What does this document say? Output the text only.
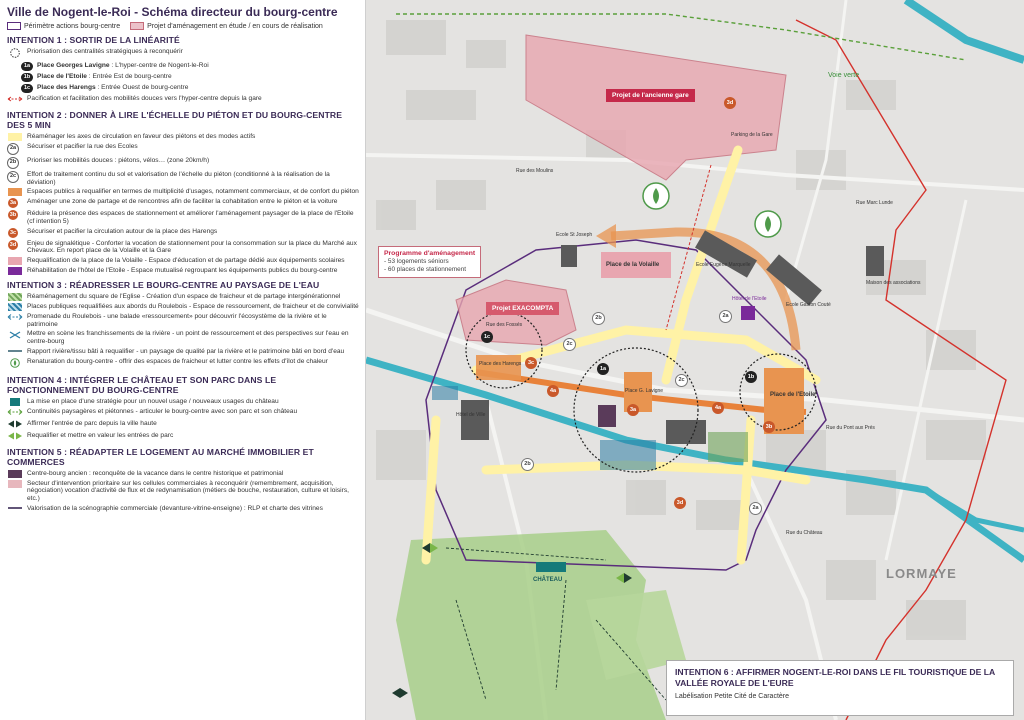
Ville de Nogent-le-Roi - Schéma directeur du bourg-centre
Périmètre actions bourg-centre	Projet d'aménagement en étude / en cours de réalisation
INTENTION 1 : SORTIR DE LA LINÉARITÉ
Priorisation des centralités stratégiques à reconquérir
1a	Place Georges Lavigne : L'hyper-centre de Nogent-le-Roi
1b	Place de l'Etoile : Entrée Est de bourg-centre
1c	Place des Harengs : Entrée Ouest de bourg-centre
Pacification et facilitation des mobilités douces vers l'hyper-centre depuis la gare
INTENTION 2 : DONNER À LIRE L'ÉCHELLE DU PIÉTON ET DU BOURG-CENTRE DES 5 MIN
Réaménager les axes de circulation en faveur des piétons et des modes actifs
2a	Sécuriser et pacifier la rue des Ecoles
2b	Prioriser les mobilités douces : piétons, vélos… (zone 20km/h)
2c	Effort de traitement continu du sol et valorisation de l'échelle du piéton (conditionné à la réalisation de la déviation)
Espaces publics à requalifier en termes de multiplicité d'usages, notamment commerciaux, et de confort du piéton
3a	Aménager une zone de partage et de rencontres afin de faciliter la cohabitation entre le piéton et la voiture
3b	Réduire la présence des espaces de stationnement et améliorer l'aménagement paysager de la place de l'Etoile (cf intention 5)
3c	Sécuriser et pacifier la circulation autour de la place des Harengs
3d	Enjeu de signalétique - Conforter la vocation de stationnement pour la consommation sur la place du Marché aux Chevaux. En report place de la Volaille et la Gare
Requalification de la place de la Volaille - Espace d'éducation et de partage dédié aux équipements scolaires
Réhabilitation de l'hôtel de l'Etoile - Espace mutualisé regroupant les équipements publics du bourg-centre
INTENTION 3 : RÉADRESSER LE BOURG-CENTRE AU PAYSAGE DE L'EAU
Réaménagement du square de l'Eglise - Création d'un espace de fraicheur et de partage intergénérationnel
Places publiques requalifiées aux abords du Roulebois - Espace de ressourcement, de fraicheur et de convivialité
Promenade du Roulebois - une balade «ressourcement» pour découvrir l'écosystème de la rivière et le patrimoine
Mettre en scène les franchissements de la rivière - un point de ressourcement et des perspectives sur l'eau en centre-bourg
Rapport rivière/tissu bâti à requalifier - un paysage de qualité par la rivière et le patrimoine bâti en bord d'eau
Renaturation du bourg-centre - offrir des espaces de fraicheur et lutter contre les effets d'îlot de chaleur
INTENTION 4 : INTÉGRER LE CHÂTEAU ET SON PARC DANS LE FONCTIONNEMENT DU BOURG-CENTRE
La mise en place d'une stratégie pour un nouvel usage / nouveaux usages du château
Continuités paysagères et piétonnes - articuler le bourg-centre avec son parc et son château
Affirmer l'entrée de parc depuis la ville haute
Requalifier et mettre en valeur les entrées de parc
INTENTION 5 : RÉADAPTER LE LOGEMENT AU MARCHÉ IMMOBILIER ET COMMERCES
Centre-bourg ancien : reconquête de la vacance dans le centre historique et patrimonial
Secteur d'intervention prioritaire sur les cellules commerciales à reconquérir (remembrement, acquisition, négociation) vocation d'activité de flux et de redynamisation (métiers de bouche, restauration, culture et loisirs, etc.)
Valorisation de la scénographie commerciale (devanture-vitrine-enseigne) : RLP et charte des vitrines
Projet de l'ancienne gare
Projet EXACOMPTA
Place de la Volaille
Place de l'Etoile
Place des Harengs
Place G. Lavigne
Ecole St Joseph
Ecole Eugène Marquelle
Ecole Gaston Couté
Hôtel de l'Etoile
Maison des associations
Parking de la Gare
Hôtel de Ville
Rue des Moulins
Rue des Fossés
Rue Marc Lunde
Rue du Château
Rue du Pont aux Prés
Programme d'aménagement
- 53 logements séniors
- 60 places de stationnement
Voie verte
LORMAYE
CHÂTEAU
3d
3c
4a
3a	4a
3b
3d
1c
1a
1b
2a
2a
2b
2b
2c
2c
INTENTION 6 : AFFIRMER NOGENT-LE-ROI DANS LE FIL TOURISTIQUE DE LA VALLÉE ROYALE DE L'EURE
Labélisation Petite Cité de Caractère
